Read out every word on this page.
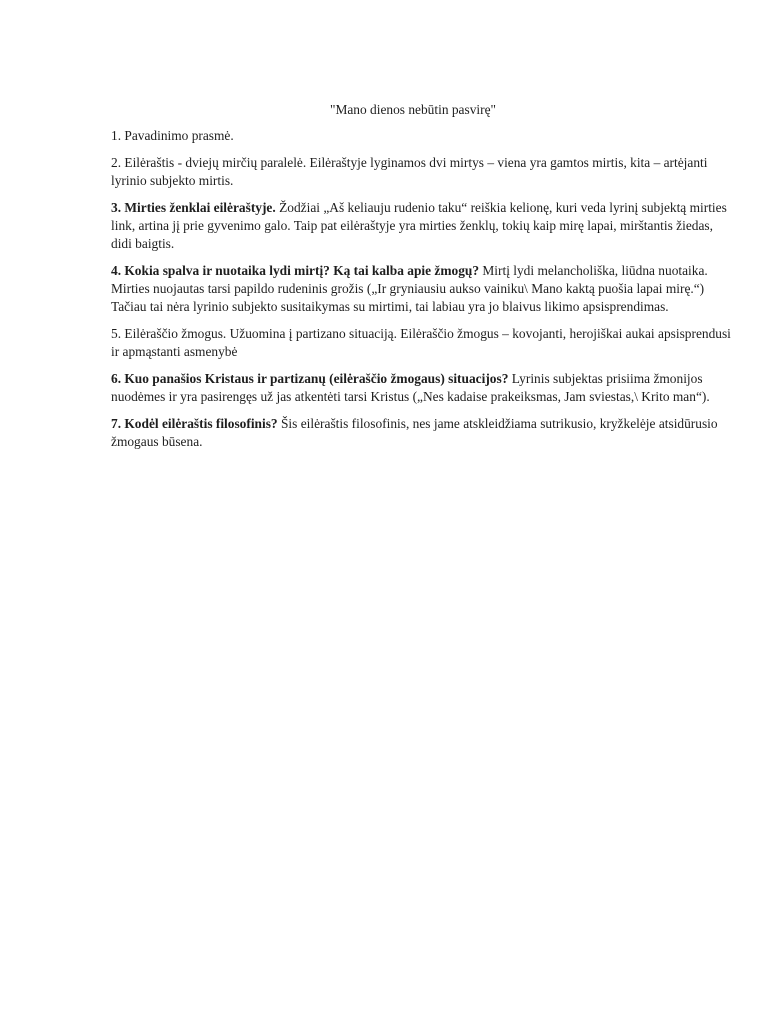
"Mano dienos nebūtin pasvirę"

1. Pavadinimo prasmė.

2. Eilėraštis - dviejų mirčių paralelė. Eilėraštyje lyginamos dvi mirtys – viena yra gamtos mirtis, kita – artėjanti lyrinio subjekto mirtis.

3. Mirties ženklai eilėraštyje. Žodžiai „Aš keliauju rudenio taku“ reiškia kelionę, kuri veda lyrinį subjektą mirties link, artina jį prie gyvenimo galo. Taip pat eilėraštyje yra mirties ženklų, tokių kaip mirę lapai, mirštantis žiedas, didi baigtis.

4. Kokia spalva ir nuotaika lydi mirtį? Ką tai kalba apie žmogų? Mirtį lydi melancholiška, liūdna nuotaika. Mirties nuojautas tarsi papildo rudeninis grožis („Ir gryniausiu aukso vainiku\ Mano kaktą puošia lapai mirę.“) Tačiau tai nėra lyrinio subjekto susitaikymas su mirtimi, tai labiau yra jo blaivus likimo apsisprendimas.

5. Eilėraščio žmogus. Užuomina į partizano situaciją. Eilėraščio žmogus – kovojanti, herojiškai aukai apsisprendusi ir apmąstanti asmenybė

6. Kuo panašios Kristaus ir partizanų (eilėraščio žmogaus) situacijos? Lyrinis subjektas prisiima žmonijos nuodėmes ir yra pasirengęs už jas atkentėti tarsi Kristus („Nes kadaise prakeiksmas, Jam sviestas,\ Krito man“).

7. Kodėl eilėraštis filosofinis? Šis eilėraštis filosofinis, nes jame atskleidžiama sutrikusio, kryžkelėje atsidūrusio žmogaus būsena.
